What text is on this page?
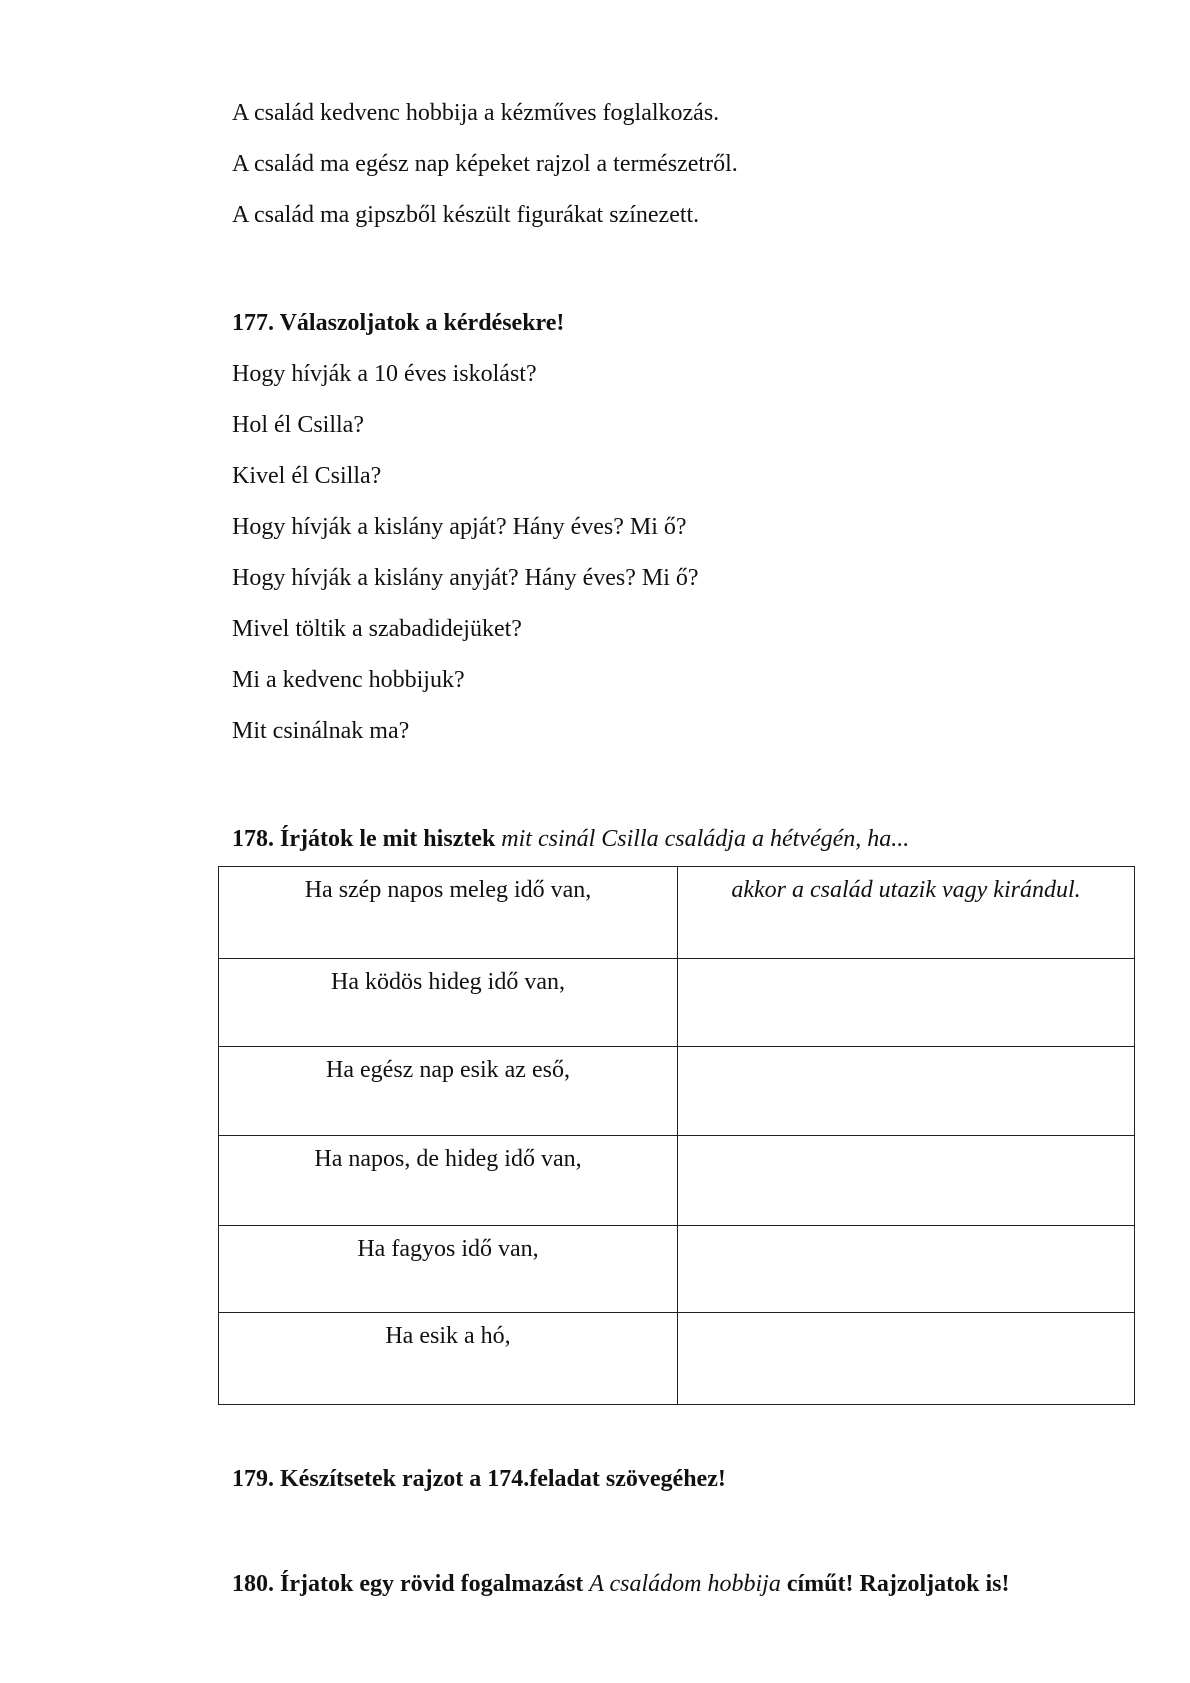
A család kedvenc hobbija a kézműves foglalkozás.
A család ma egész nap képeket rajzol a természetről.
A család ma gipszből készült figurákat színezett.
177. Válaszoljatok a kérdésekre!
Hogy hívják a 10 éves iskolást?
Hol él Csilla?
Kivel él Csilla?
Hogy hívják a kislány apját? Hány éves? Mi ő?
Hogy hívják a kislány anyját? Hány éves? Mi ő?
Mivel töltik a szabadidejüket?
Mi a kedvenc hobbijuk?
Mit csinálnak ma?
178. Írjátok le mit hisztek mit csinál Csilla családja a hétvégén, ha...
Ha szép napos meleg idő van,	akkor a család utazik vagy kirándul.
Ha ködös hideg idő van,	
Ha egész nap esik az eső,	
Ha napos, de hideg idő van,	
Ha fagyos idő van,	
Ha esik a hó,	
179. Készítsetek rajzot a 174.feladat szövegéhez!
180. Írjatok egy rövid fogalmazást A családom hobbija címűt! Rajzoljatok is!
